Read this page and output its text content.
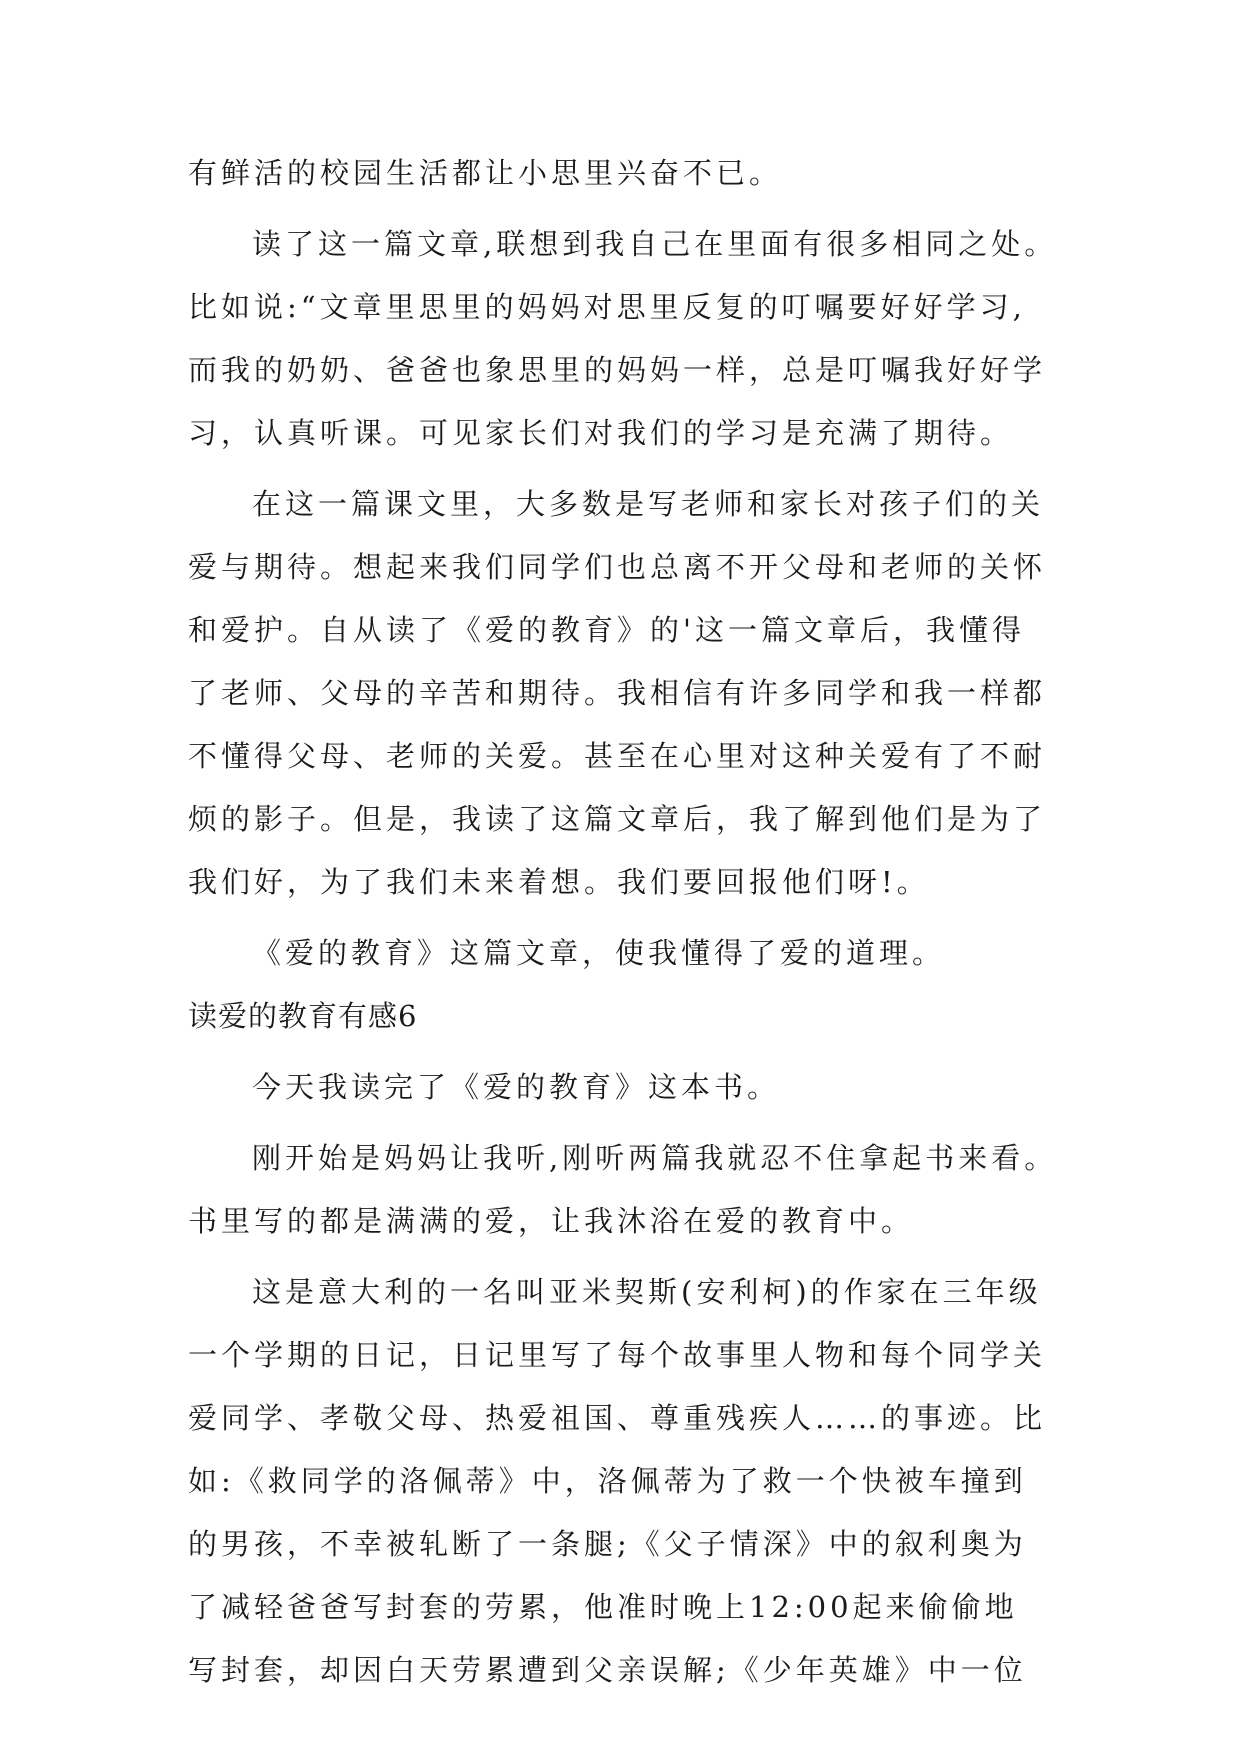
有鲜活的校园生活都让小思里兴奋不已。
读了这一篇文章,联想到我自己在里面有很多相同之处。
比如说:“文章里思里的妈妈对思里反复的叮嘱要好好学习,
而我的奶奶、爸爸也象思里的妈妈一样，总是叮嘱我好好学
习，认真听课。可见家长们对我们的学习是充满了期待。
在这一篇课文里，大多数是写老师和家长对孩子们的关
爱与期待。想起来我们同学们也总离不开父母和老师的关怀
和爱护。自从读了《爱的教育》的'这一篇文章后，我懂得
了老师、父母的辛苦和期待。我相信有许多同学和我一样都
不懂得父母、老师的关爱。甚至在心里对这种关爱有了不耐
烦的影子。但是，我读了这篇文章后，我了解到他们是为了
我们好，为了我们未来着想。我们要回报他们呀!。
《爱的教育》这篇文章，使我懂得了爱的道理。
读爱的教育有感6
今天我读完了《爱的教育》这本书。
刚开始是妈妈让我听,刚听两篇我就忍不住拿起书来看。
书里写的都是满满的爱，让我沐浴在爱的教育中。
这是意大利的一名叫亚米契斯(安利柯)的作家在三年级
一个学期的日记，日记里写了每个故事里人物和每个同学关
爱同学、孝敬父母、热爱祖国、尊重残疾人……的事迹。比
如:《救同学的洛佩蒂》中，洛佩蒂为了救一个快被车撞到
的男孩，不幸被轧断了一条腿;《父子情深》中的叙利奥为
了减轻爸爸写封套的劳累，他准时晚上12:00起来偷偷地
写封套，却因白天劳累遭到父亲误解;《少年英雄》中一位
